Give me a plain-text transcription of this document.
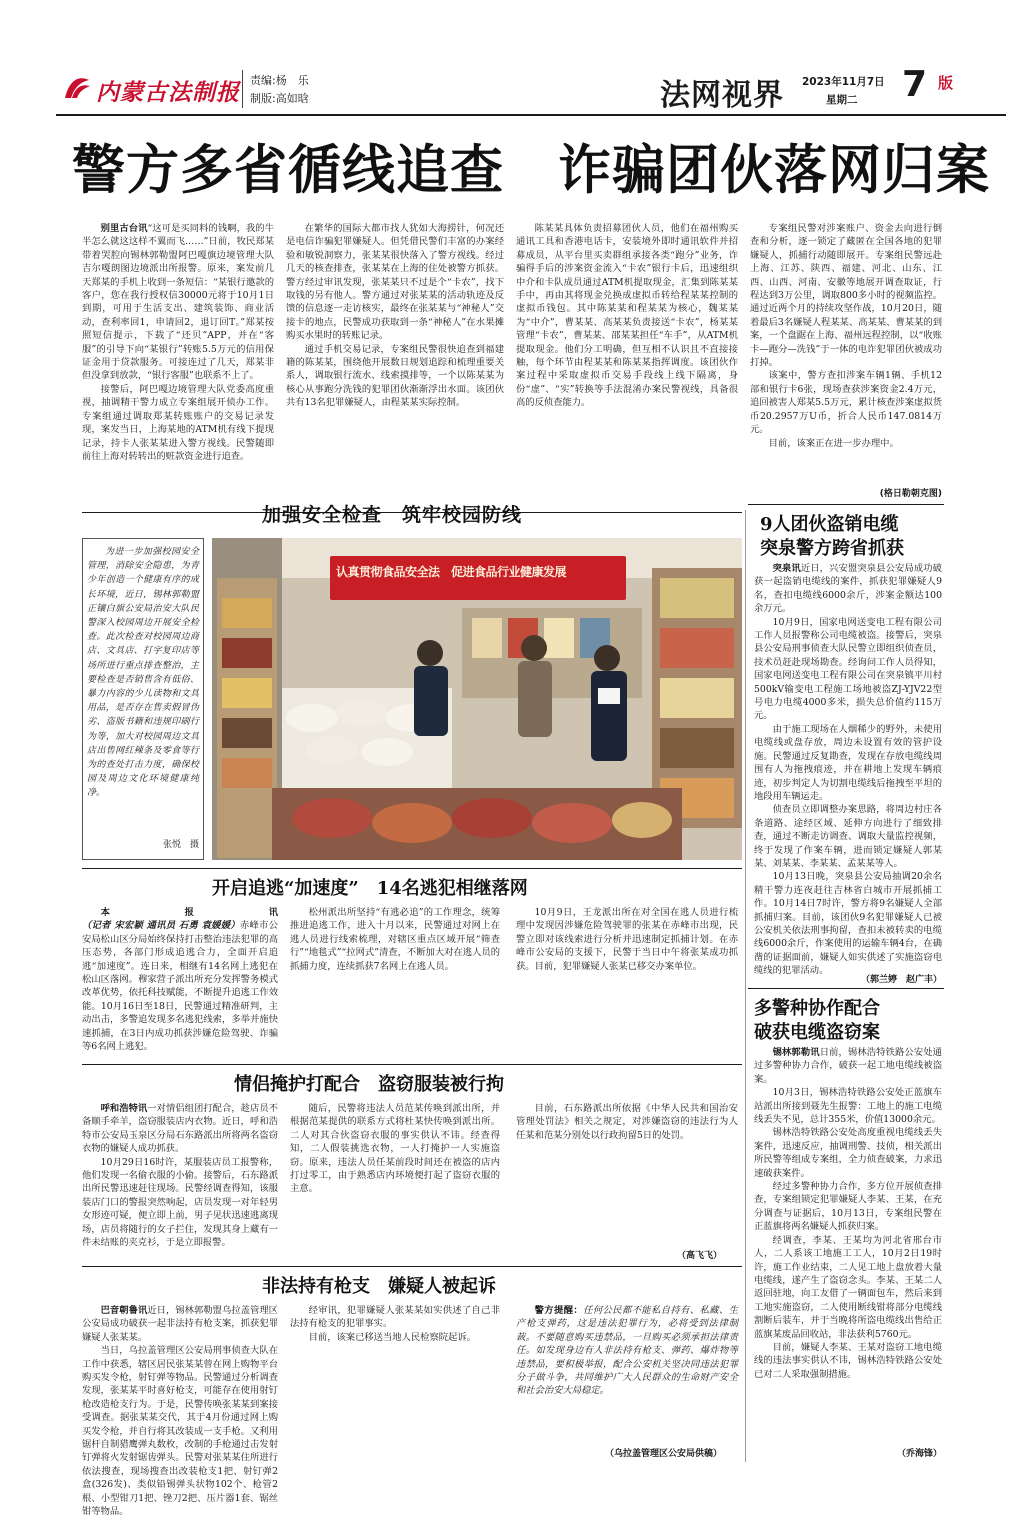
内蒙古法制报 责编:杨　乐
制版:高如晗	法网视界 2023年11月7日
星期二 7 版
警方多省循线追查　诈骗团伙落网归案

别里古台讯“这可是买同料的钱啊，我的牛半怎么就这这样不翼而飞……”日前，牧民郑某带着哭腔向锡林郭勒盟阿巴嘎旗边境管理大队吉尔嘎朗图边境派出所报警。原来，案发前几天郑某的手机上收到一条短信：“某银行邀款的客户，您在我行授权信30000元将于10月1日到期，可用于生活支出、建筑装饰、商业活动，查利率回1，申请回2，退订回T。”郑某按照短信提示，下载了“还贝”APP，并在“客服”的引导下向“某银行”转账5.5万元的信用保证金用于贷款服务。可接连过了几天，郑某非但没拿到放款，“银行客服”也联系不上了。

接警后，阿巴嘎边境管理大队党委高度重视，抽调精干警力成立专案组展开侦办工作。专案组通过调取郑某转账账户的交易记录发现，案发当日，上海某地的ATM机有线下提现记录，持卡人张某某进入警方视线。民警随即前往上海对转转出的赃款资金进行追查。

在繁华的国际大都市找人犹如大海捞针，何况还是电信诈骗犯罪嫌疑人。但凭借民警们丰富的办案经验和敏锐洞察力，张某某很快落入了警方视线。经过几天的核查排查，张某某在上海的住处被警方抓获。警方经过审讯发现，张某某只不过是个“卡农”，找下取钱的另有他人。警方通过对张某某的活动轨迹及反馈的信息逐一走访核实，最终在张某某与“神秘人”交接卡的地点，民警成功获取到一条“神秘人”在水果摊购买水果时的转账记录。

通过手机交易记录，专案组民警很快追查到福建籍的陈某某，围绕他开展数日规划追踪和梳理重要关系人，调取银行流水、线索摸排等，一个以陈某某为核心从事跑分洗钱的犯罪团伙渐渐浮出水面。该团伙共有13名犯罪嫌疑人，由程某某实际控制。

陈某某具体负责招募团伙人员，他们在福州购买通讯工具和香港电话卡，安装境外即时通讯软件并招募成员，从平台里买卖群组承接各类“跑分”业务，诈骗得手后的涉案资金流入“卡农”银行卡后，迅速组织中介和卡队成员通过ATM机提取现金，汇集到陈某某手中，再由其将现金兑换成虚拟币转给程某某控制的虚拟币钱包。其中陈某某和程某某为核心，魏某某为“中介”，曹某某、高某某负责接送“卡农”，杨某某管理“卡农”，曹某某、邵某某担任“车手”，从ATM机提取现金。他们分工明确，但互相不认识且不直接接触，每个环节由程某某和陈某某指挥调度。该团伙作案过程中采取虚拟币交易手段线上线下隔离，身份“虚”、“实”转换等手法混淆办案民警视线，具备很高的反侦查能力。

专案组民警对涉案账户、资金去向进行倒查和分析，逐一锁定了藏匿在全国各地的犯罪嫌疑人，抓捕行动随即展开。专案组民警远赴上海、江苏、陕西、福建、河北、山东、江西、山西、河南、安徽等地展开调查取证，行程达到3万公里，调取800多小时的视频监控。通过近两个月的持续攻坚作战，10月20日，随着最后3名嫌疑人程某某、高某某、曹某某的到案，一个盘踞在上海、福州远程控制，以“收账卡—跑分—洗钱”于一体的电诈犯罪团伙被成功打掉。

该案中，警方查扣涉案车辆1辆、手机12部和银行卡6张，现场查获涉案资金2.4万元，追回被害人郑某5.5万元，累计核查涉案虚拟货币20.2957万U币，折合人民币147.0814万元。

目前，该案正在进一步办理中。

(格日勒朝克图)
加强安全检查　筑牢校园防线
为进一步加强校园安全管理，消除安全隐患，为青少年创造一个健康有序的成长环境，近日，锡林郭勒盟正镶白旗公安局治安大队民警深入校园周边开展安全检查。此次检查对校园周边商店、文具店、打字复印店等场所进行重点排查整治，主要检查是否销售含有低俗、暴力内容的少儿读物和文具用品，是否存在售卖假冒伪劣、盗版书籍和违规印刷行为等，加大对校园周边文具店出售网红辣条及零食等行为的查处打击力度，确保校园及周边文化环境健康纯净。
张悦　摄
认真贯彻食品安全法　促进食品行业健康发展
开启追逃“加速度”　14名逃犯相继落网

本报讯（记者 宋宏颖 通讯员 石勇 袁媛媛）赤峰市公安局松山区分局始终保持打击整治违法犯罪的高压态势，各部门形成追逃合力，全面开启追逃“加速度”。连日来，相继有14名网上逃犯在松山区落网。穆家营子派出所充分发挥警务模式改革优势，依托科技赋能，不断提升追逃工作效能。10月16日至18日，民警通过精准研判，主动出击，多警追发现多名逃犯线索，多举并施快速抓捕，在3日内成功抓获涉嫌危险驾驶、诈骗等6名网上逃犯。

松州派出所坚持“有逃必追”的工作理念，统筹推进追逃工作，进入十月以来，民警通过对网上在逃人员进行线索梳理，对辖区重点区域开展“筛查行”“地毯式”“拉网式”清查，不断加大对在逃人员的抓捕力度，连续抓获7名网上在逃人员。

10月9日，王龙派出所在对全国在逃人员进行梳理中发现因涉嫌危险驾驶罪的张某在赤峰市出现，民警立即对该线索进行分析并迅速制定抓捕计划。在赤峰市公安局的支援下，民警于当日中午将张某成功抓获。目前，犯罪嫌疑人张某已移交办案单位。

情侣掩护打配合　盗窃服装被行拘

呼和浩特讯一对情侣组团打配合，趁店员不备顺手牵羊，盗窃服装店内衣物。近日，呼和浩特市公安局玉泉区分局石东路派出所将两名盗窃衣物的嫌疑人成功抓获。

10月29日16时许，某服装店员工报警称，他们发现一名偷衣服的小偷。接警后，石东路派出所民警迅速赶往现场。民警经调查得知，该服装店门口的警报突然响起，店员发现一对年轻男女形迹可疑，便立即上前，男子见状迅速逃离现场，店员将随行的女子拦住，发现其身上藏有一件未结账的夹克衫，于是立即报警。

随后，民警将违法人员范某传唤到派出所，并根据范某提供的联系方式将杜某快传唤到派出所。二人对其合伙盗窃衣服的事实供认不讳。经查得知，二人假装挑选衣物，一人打掩护一人实施盗窃。原来，违法人员任某前段时间还在被盗的店内打过零工，由于熟悉店内环境便打起了盗窃衣服的主意。

目前，石东路派出所依据《中华人民共和国治安管理处罚法》相关之规定，对涉嫌盗窃的违法行为人任某和范某分别处以行政拘留5日的处罚。

（高飞飞）
非法持有枪支　嫌疑人被起诉

巴音朝鲁讯近日，锡林郭勒盟乌拉盖管理区公安局成功破获一起非法持有枪支案，抓获犯罪嫌疑人张某某。

当日，乌拉盖管理区公安局刑事侦查大队在工作中获悉，辖区居民张某某曾在网上购物平台购买发令枪，射钉弹等物品。民警通过分析调查发现，张某某平时喜好枪支，可能存在使用射钉枪改造枪支行为。于是，民警传唤张某某到案接受调查。据张某某交代，其于4月份通过网上购买发令枪，并自行将其改装成一支手枪。又利用锯杆自制猎鹰弹丸数枚，改制的手枪通过击发射钉弹将火发射锯齿弹头。民警对张某某住所进行依法搜查，现场搜查出改装枪支1把、射钉弹2盒(326发)、类似铅锡弹头状物102个、枪管2根、小型钳刀1把、锉刀2把、压片器1套、锯丝钳等物品。

经审讯，犯罪嫌疑人张某某如实供述了自己非法持有枪支的犯罪事实。

目前，该案已移送当地人民检察院起诉。

警方提醒：任何公民都不能私自持有、私藏、生产枪支弹药，这是违法犯罪行为，必将受到法律制裁。不要随意购买违禁品，一旦购买必须承担法律责任。如发现身边有人非法持有枪支、弹药、爆炸物等违禁品，要积极举报，配合公安机关坚决同违法犯罪分子做斗争，共同维护广大人民群众的生命财产安全和社会治安大局稳定。

（乌拉盖管理区公安局供稿）
9人团伙盗销电缆
突泉警方跨省抓获

突泉讯近日，兴安盟突泉县公安局成功破获一起盗销电缆线的案件，抓获犯罪嫌疑人9名，查扣电缆线6000余斤，涉案金额达100余万元。

10月9日，国家电网送变电工程有限公司工作人员报警称公司电缆被盗。接警后，突泉县公安局刑事侦查大队民警立即组织侦查员，技术员赶赴现场勘查。经询问工作人员得知，国家电网送变电工程有限公司在突泉镇平川村500kV输变电工程施工场地被盗ZJ-YJV22型号电力电缆4000多米，损失总价值约115万元。

由于施工现场在人烟稀少的野外，未使用电缆线或盘存放，周边未设置有效的管护设施。民警通过反复勘查，发现在存放电缆线周围有人为拖拽痕迹，并在耕地上发现车辆痕迹，初步判定人为切割电缆线后拖拽至平坦的地段用车辆运走。

侦查员立即调整办案思路，将周边村庄各条道路、途经区域、延伸方向进行了细致排查，通过不断走访调查、调取大量监控视频，终于发现了作案车辆，进而锁定嫌疑人郭某某、刘某某、李某某、孟某某等人。

10月13日晚，突泉县公安局抽调20余名精干警力连夜赶往吉林省白城市开展抓捕工作。10月14日7时许，警方将9名嫌疑人全部抓捕归案。目前，该团伙9名犯罪嫌疑人已被公安机关依法刑事拘留，查扣未被转卖的电缆线6000余斤，作案使用的运输车辆4台，在确凿的证据面前，嫌疑人如实供述了实施盗窃电缆线的犯罪活动。

（郭兰婷　赵广丰）
多警种协作配合
破获电缆盗窃案

锡林郭勒讯日前，锡林浩特铁路公安处通过多警种协力合作，破获一起工地电缆线被盗案。

10月3日，锡林浩特铁路公安处正蓝旗车站派出所接到聂先生报警：工地上的施工电缆线丢失不见，总计355米，价值13000余元。

锡林浩特铁路公安处高度重视电缆线丢失案件，迅速反应，抽调刑警、技侦，相关派出所民警等组成专案组，全力侦查破案，力求迅速破获案件。

经过多警种协力合作，多方位开展侦查排查，专案组锁定犯罪嫌疑人李某、王某，在充分调查与证据后，10月13日，专案组民警在正蓝旗将两名嫌疑人抓获归案。

经调查，李某、王某均为河北省邢台市人，二人系该工地施工工人，10月2日19时许，施工作业结束，二人见工地上盘放着大量电缆线，遂产生了盗窃念头。李某、王某二人返回驻地，向工友借了一辆面包车，然后来到工地实施盗窃，二人使用断线钳将部分电缆线割断后装车，并于当晚将所盗电缆线出售给正蓝旗某废品回收站，非法获利5760元。

目前，嫌疑人李某、王某对盗窃工地电缆线的违法事实供认不讳，锡林浩特铁路公安处已对二人采取强制措施。

（乔海锋）
